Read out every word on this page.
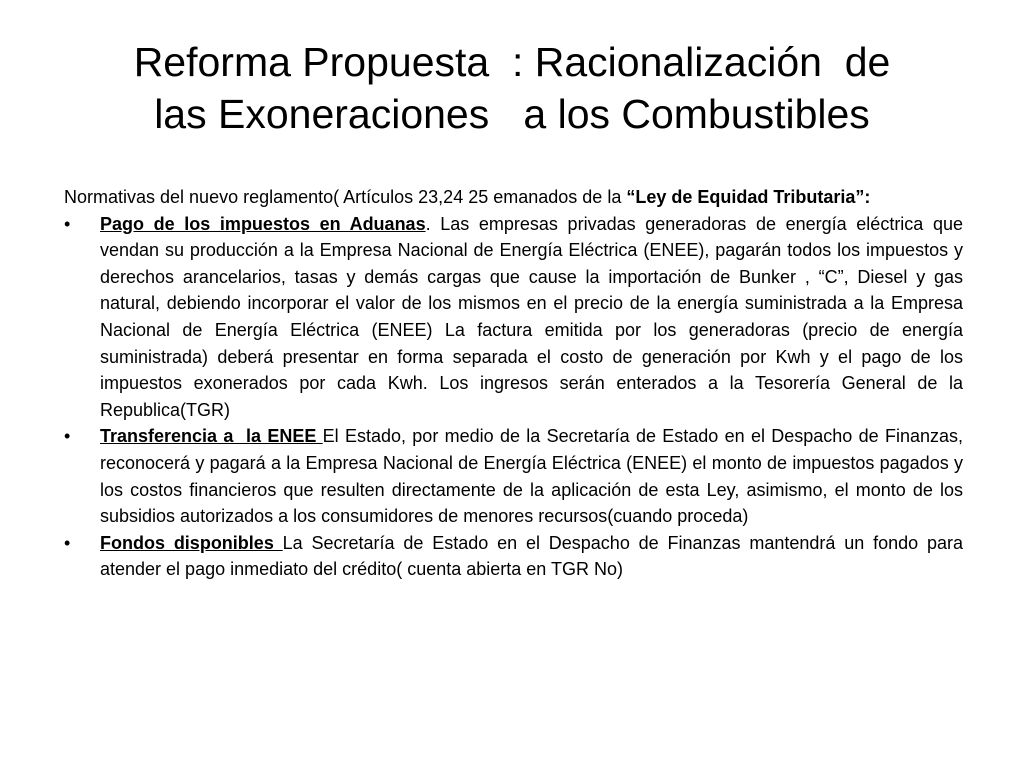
Reforma Propuesta  : Racionalización  de
las Exoneraciones   a los Combustibles

Normativas del nuevo reglamento( Artículos 23,24 25 emanados de la “Ley de Equidad Tributaria”:

• Pago de los impuestos en Aduanas. Las empresas privadas generadoras de energía eléctrica que vendan su producción a la Empresa Nacional de Energía Eléctrica (ENEE), pagarán todos los impuestos y derechos arancelarios, tasas y demás cargas que cause la importación de Bunker , “C”, Diesel y gas natural, debiendo incorporar el valor de los mismos en el precio de la energía suministrada a la Empresa Nacional de Energía Eléctrica (ENEE) La factura emitida por los generadoras (precio de energía suministrada) deberá presentar en forma separada el costo de generación por Kwh y el pago de los impuestos exonerados por cada Kwh. Los ingresos serán enterados a la Tesorería General de la Republica(TGR)
• Transferencia a  la ENEE El Estado, por medio de la Secretaría de Estado en el Despacho de Finanzas, reconocerá y pagará a la Empresa Nacional de Energía Eléctrica (ENEE) el monto de impuestos pagados y los costos financieros que resulten directamente de la aplicación de esta Ley, asimismo, el monto de los subsidios autorizados a los consumidores de menores recursos(cuando proceda)
• Fondos disponibles La Secretaría de Estado en el Despacho de Finanzas mantendrá un fondo para atender el pago inmediato del crédito( cuenta abierta en TGR No)
